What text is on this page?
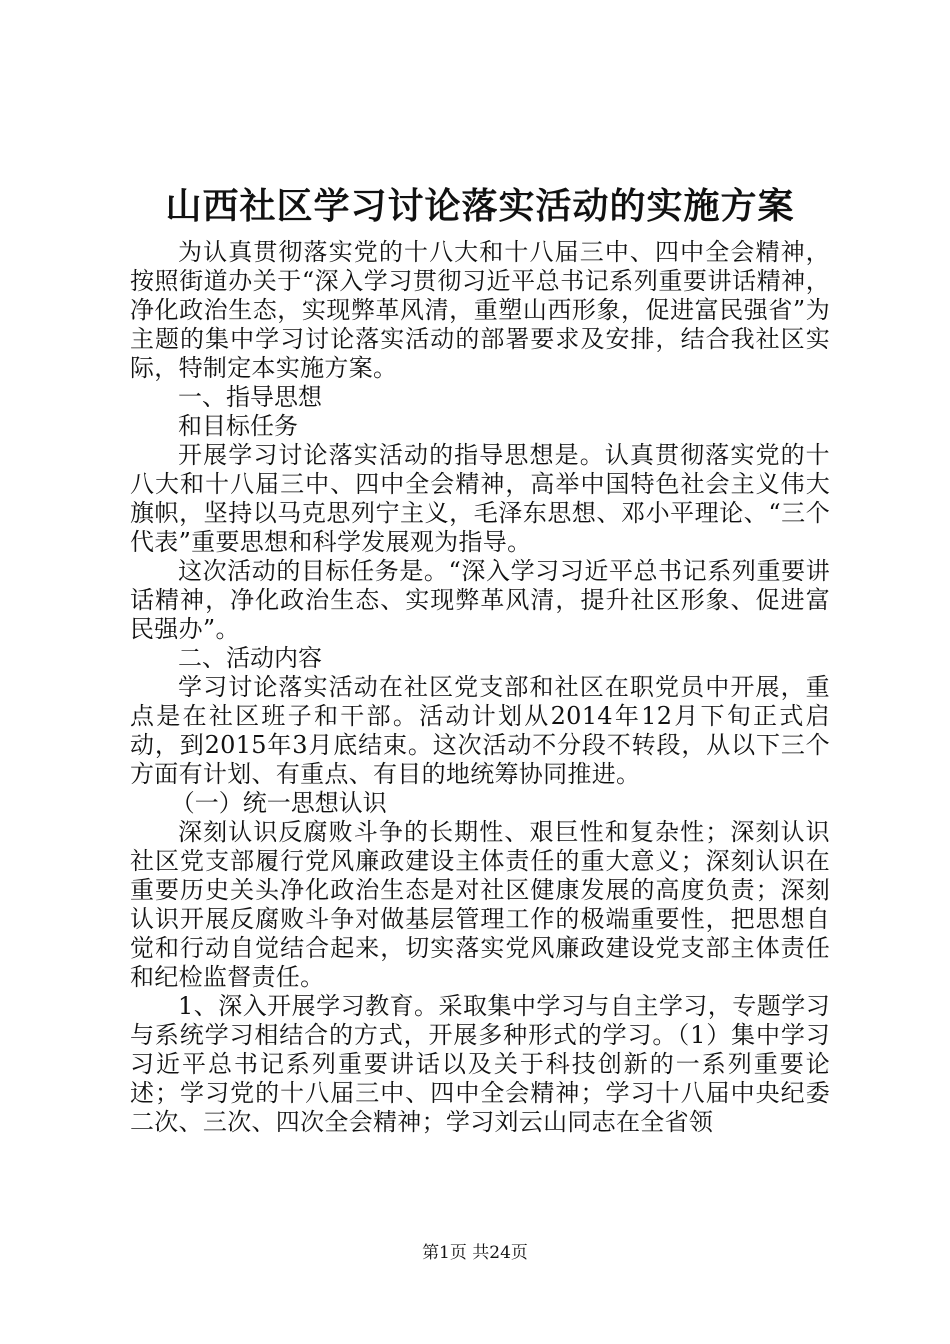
山西社区学习讨论落实活动的实施方案

为认真贯彻落实党的十八大和十八届三中、四中全会精神，按照街道办关于“深入学习贯彻习近平总书记系列重要讲话精神，净化政治生态，实现弊革风清，重塑山西形象，促进富民强省”为主题的集中学习讨论落实活动的部署要求及安排，结合我社区实际，特制定本实施方案。

一、指导思想

和目标任务

开展学习讨论落实活动的指导思想是。认真贯彻落实党的十八大和十八届三中、四中全会精神，高举中国特色社会主义伟大旗帜，坚持以马克思列宁主义，毛泽东思想、邓小平理论、“三个代表”重要思想和科学发展观为指导。

这次活动的目标任务是。“深入学习习近平总书记系列重要讲话精神，净化政治生态、实现弊革风清，提升社区形象、促进富民强办”。

二、活动内容

学习讨论落实活动在社区党支部和社区在职党员中开展，重点是在社区班子和干部。活动计划从2014年12月下旬正式启动，到2015年3月底结束。这次活动不分段不转段，从以下三个方面有计划、有重点、有目的地统筹协同推进。

（一）统一思想认识

深刻认识反腐败斗争的长期性、艰巨性和复杂性；深刻认识社区党支部履行党风廉政建设主体责任的重大意义；深刻认识在重要历史关头净化政治生态是对社区健康发展的高度负责；深刻认识开展反腐败斗争对做基层管理工作的极端重要性，把思想自觉和行动自觉结合起来，切实落实党风廉政建设党支部主体责任和纪检监督责任。

1、深入开展学习教育。采取集中学习与自主学习，专题学习与系统学习相结合的方式，开展多种形式的学习。（1）集中学习习近平总书记系列重要讲话以及关于科技创新的一系列重要论述；学习党的十八届三中、四中全会精神；学习十八届中央纪委二次、三次、四次全会精神；学习刘云山同志在全省领

第1页 共24页
